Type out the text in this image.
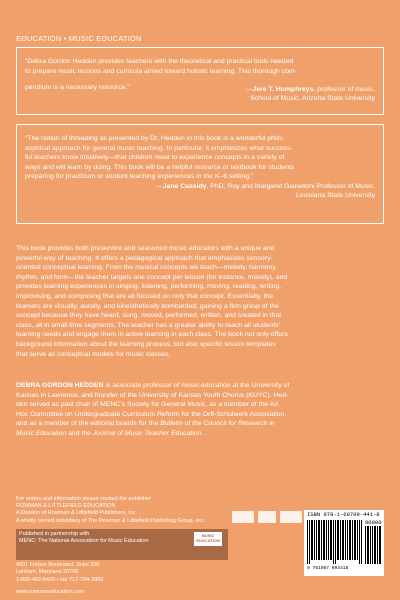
EDUCATION • MUSIC EDUCATION

“Debra Gordon Hedden provides teachers with the theoretical and practical tools needed

to prepare music lessons and curricula aimed toward holistic learning. This thorough com-

pendium is a necessary resource.”	—Jere T. Humphreys, professor of music,
School of Music, Arizona State University

“The notion of threading as presented by Dr. Hedden in this book is a wonderful philo-

sophical approach for general music teaching. In particular, it emphasizes what success-

ful teachers know intuitively—that children need to experience concepts in a variety of

ways and will learn by doing. This book will be a helpful resource or textbook for students

preparing for practicum or student teaching experiences in the K–6 setting.”

—Jane Cassidy, PhD, Roy and Margaret Gianelloni Professor of Music,
Louisiana State University

This book provides both preservice and seasoned music educators with a unique and
powerful way of teaching. It offers a pedagogical approach that emphasizes sensory-
oriented conceptual learning. From the musical concepts we teach—melody, harmony,
rhythm, and form—the teacher targets one concept per lesson (for instance, melody), and
provides learning experiences in singing, listening, performing, moving, reading, writing,
improvising, and composing that are all focused on only that concept. Essentially, the
learners are visually, aurally, and kinesthetically bombarded, gaining a firm grasp of the
concept because they have heard, sung, moved, performed, written, and created in that
class, all in small time segments. The teacher has a greater ability to reach all students’
learning needs and engage them in active learning in each class. The book not only offers
background information about the learning process, but also specific lesson templates
that serve as conceptual models for music classes.

DEBRA GORDON HEDDEN is associate professor of music education at the University of
Kansas in Lawrence, and founder of the University of Kansas Youth Chorus (KUYC). Hed-
den served as past chair of MENC’s Society for General Music, as a member of the Ad
Hoc Committee on Undergraduate Curriculum Reform for the Orff-Schulwerk Association,
and as a member of the editorial boards for the Bulletin of the Council for Research in
Music Education and the Journal of Music Teacher Education.

For orders and information please contact the publisher
ROWMAN & LITTLEFIELD EDUCATION
A Division of Rowman & Littlefield Publishers, Inc.
A wholly owned subsidiary of The Rowman & Littlefield Publishing Group, Inc.
Published in partnership with
MENC: The National Association for Music Education
MUSIC EDUCATION
4501 Forbes Boulevard, Suite 200
Lanham, Maryland 20706
1-800-462-6420 • fax 717-794-3803
www.rowmaneducation.com
ISBN 978-1-60709-441-8
90000
9 781607 094418
